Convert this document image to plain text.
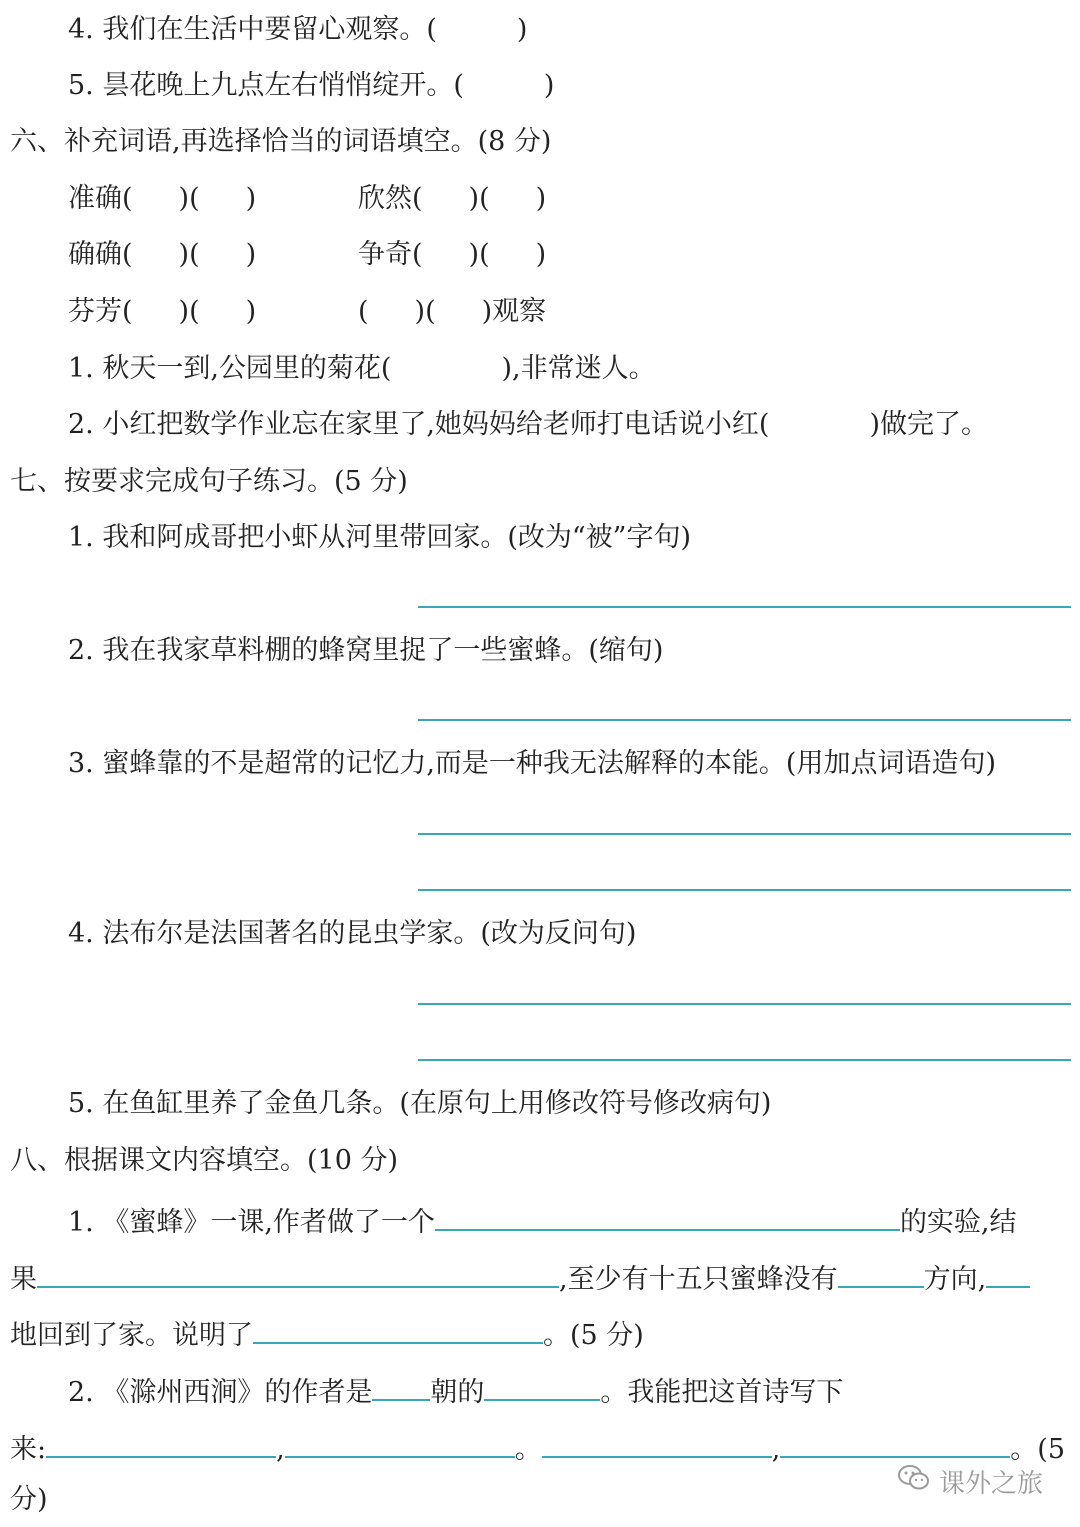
4. 我们在生活中要留心观察。(	)
5. 昙花晚上九点左右悄悄绽开。(	)
六、补充词语,再选择恰当的词语填空。(8 分)
准确( )( )	欣然( )( )
确确( )( )	争奇( )( )
芬芳( )( )	( )( )观察
1. 秋天一到,公园里的菊花(	),非常迷人。
2. 小红把数学作业忘在家里了,她妈妈给老师打电话说小红(	)做完了。
七、按要求完成句子练习。(5 分)
1. 我和阿成哥把小虾从河里带回家。(改为“被”字句)
2. 我在我家草料棚的蜂窝里捉了一些蜜蜂。(缩句)
3. 蜜蜂靠的不是超常的记忆力,而是一种我无法解释的本能。(用加点词语造句)
4. 法布尔是法国著名的昆虫学家。(改为反问句)
5. 在鱼缸里养了金鱼几条。(在原句上用修改符号修改病句)
八、根据课文内容填空。(10 分)
1. 《蜜蜂》一课,作者做了一个	的实验,结
果	,至少有十五只蜜蜂没有	方向,
地回到了家。说明了	。(5 分)
2. 《滁州西涧》的作者是 朝的	。我能把这首诗写下
来:	,	。	,	。(5
分)	课外之旅
